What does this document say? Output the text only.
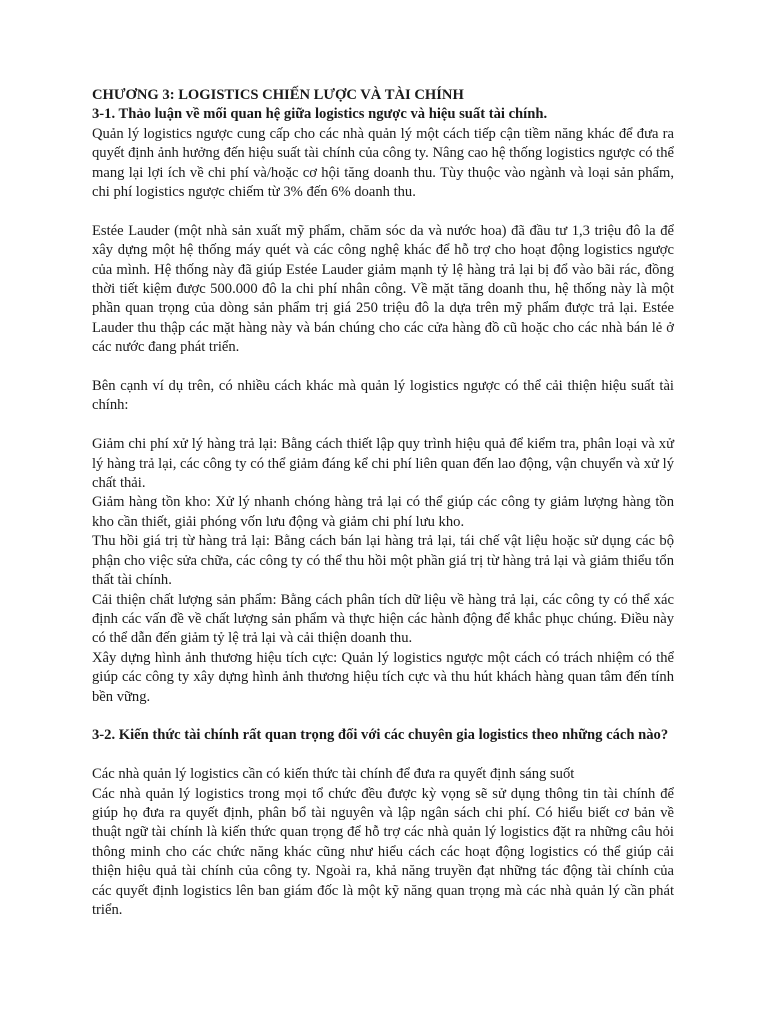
CHƯƠNG 3: LOGISTICS CHIẾN LƯỢC VÀ TÀI CHÍNH
3-1. Thảo luận về mối quan hệ giữa logistics ngược và hiệu suất tài chính.

Quản lý logistics ngược cung cấp cho các nhà quản lý một cách tiếp cận tiềm năng khác để đưa ra quyết định ảnh hưởng đến hiệu suất tài chính của công ty. Nâng cao hệ thống logistics ngược có thể mang lại lợi ích về chi phí và/hoặc cơ hội tăng doanh thu. Tùy thuộc vào ngành và loại sản phẩm, chi phí logistics ngược chiếm từ 3% đến 6% doanh thu.

Estée Lauder (một nhà sản xuất mỹ phẩm, chăm sóc da và nước hoa) đã đầu tư 1,3 triệu đô la để xây dựng một hệ thống máy quét và các công nghệ khác để hỗ trợ cho hoạt động logistics ngược của mình. Hệ thống này đã giúp Estée Lauder giảm mạnh tỷ lệ hàng trả lại bị đổ vào bãi rác, đồng thời tiết kiệm được 500.000 đô la chi phí nhân công. Về mặt tăng doanh thu, hệ thống này là một phần quan trọng của dòng sản phẩm trị giá 250 triệu đô la dựa trên mỹ phẩm được trả lại. Estée Lauder thu thập các mặt hàng này và bán chúng cho các cửa hàng đồ cũ hoặc cho các nhà bán lẻ ở các nước đang phát triển.

Bên cạnh ví dụ trên, có nhiều cách khác mà quản lý logistics ngược có thể cải thiện hiệu suất tài chính:

Giảm chi phí xử lý hàng trả lại: Bằng cách thiết lập quy trình hiệu quả để kiểm tra, phân loại và xử lý hàng trả lại, các công ty có thể giảm đáng kể chi phí liên quan đến lao động, vận chuyển và xử lý chất thải.

Giảm hàng tồn kho: Xử lý nhanh chóng hàng trả lại có thể giúp các công ty giảm lượng hàng tồn kho cần thiết, giải phóng vốn lưu động và giảm chi phí lưu kho.

Thu hồi giá trị từ hàng trả lại: Bằng cách bán lại hàng trả lại, tái chế vật liệu hoặc sử dụng các bộ phận cho việc sửa chữa, các công ty có thể thu hồi một phần giá trị từ hàng trả lại và giảm thiểu tổn thất tài chính.

Cải thiện chất lượng sản phẩm: Bằng cách phân tích dữ liệu về hàng trả lại, các công ty có thể xác định các vấn đề về chất lượng sản phẩm và thực hiện các hành động để khắc phục chúng. Điều này có thể dẫn đến giảm tỷ lệ trả lại và cải thiện doanh thu.

Xây dựng hình ảnh thương hiệu tích cực: Quản lý logistics ngược một cách có trách nhiệm có thể giúp các công ty xây dựng hình ảnh thương hiệu tích cực và thu hút khách hàng quan tâm đến tính bền vững.

3-2. Kiến thức tài chính rất quan trọng đối với các chuyên gia logistics theo những cách nào?

Các nhà quản lý logistics cần có kiến thức tài chính để đưa ra quyết định sáng suốt

Các nhà quản lý logistics trong mọi tổ chức đều được kỳ vọng sẽ sử dụng thông tin tài chính để giúp họ đưa ra quyết định, phân bổ tài nguyên và lập ngân sách chi phí. Có hiểu biết cơ bản về thuật ngữ tài chính là kiến thức quan trọng để hỗ trợ các nhà quản lý logistics đặt ra những câu hỏi thông minh cho các chức năng khác cũng như hiểu cách các hoạt động logistics có thể giúp cải thiện hiệu quả tài chính của công ty. Ngoài ra, khả năng truyền đạt những tác động tài chính của các quyết định logistics lên ban giám đốc là một kỹ năng quan trọng mà các nhà quản lý cần phát triển.
